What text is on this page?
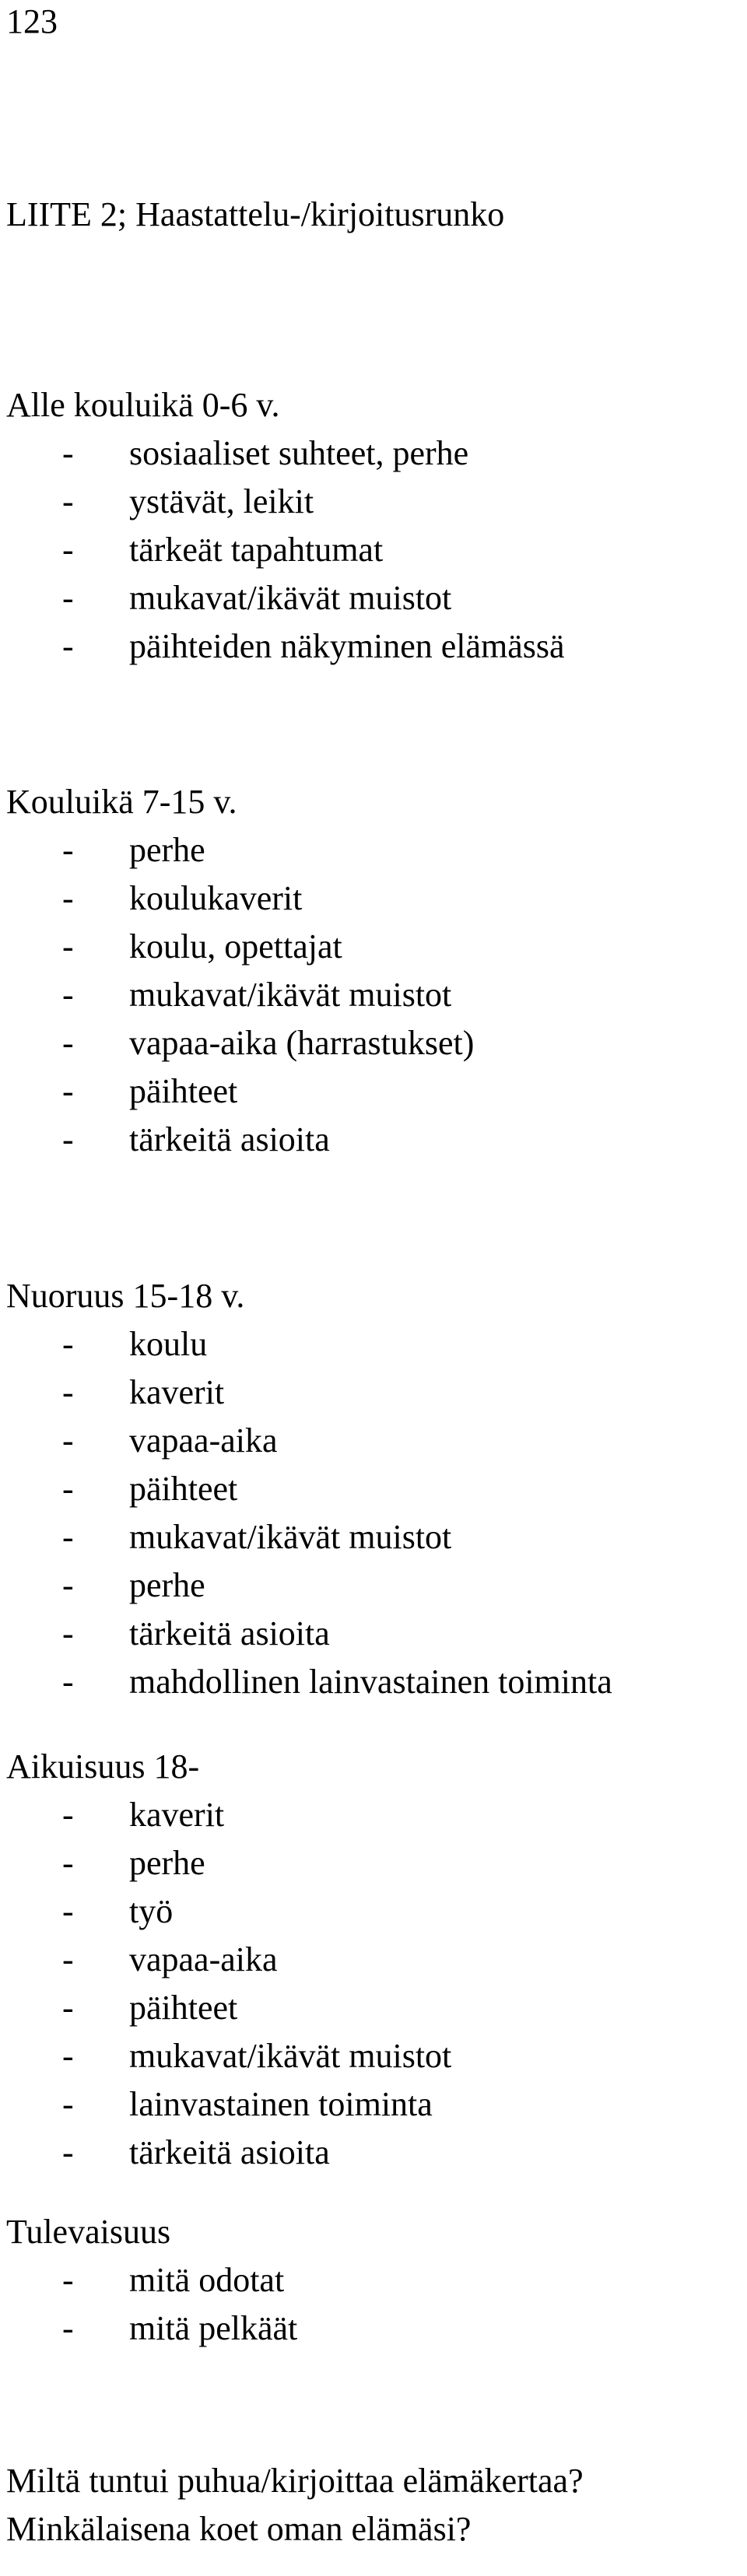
123
LIITE 2; Haastattelu-/kirjoitusrunko
Alle kouluikä 0-6 v.
- sosiaaliset suhteet, perhe
- ystävät, leikit
- tärkeät tapahtumat
- mukavat/ikävät muistot
- päihteiden näkyminen elämässä
Kouluikä 7-15 v.
- perhe
- koulukaverit
- koulu, opettajat
- mukavat/ikävät muistot
- vapaa-aika (harrastukset)
- päihteet
- tärkeitä asioita
Nuoruus 15-18 v.
- koulu
- kaverit
- vapaa-aika
- päihteet
- mukavat/ikävät muistot
- perhe
- tärkeitä asioita
- mahdollinen lainvastainen toiminta
Aikuisuus 18-
- kaverit
- perhe
- työ
- vapaa-aika
- päihteet
- mukavat/ikävät muistot
- lainvastainen toiminta
- tärkeitä asioita
Tulevaisuus
- mitä odotat
- mitä pelkäät
Miltä tuntui puhua/kirjoittaa elämäkertaa?
Minkälaisena koet oman elämäsi?
